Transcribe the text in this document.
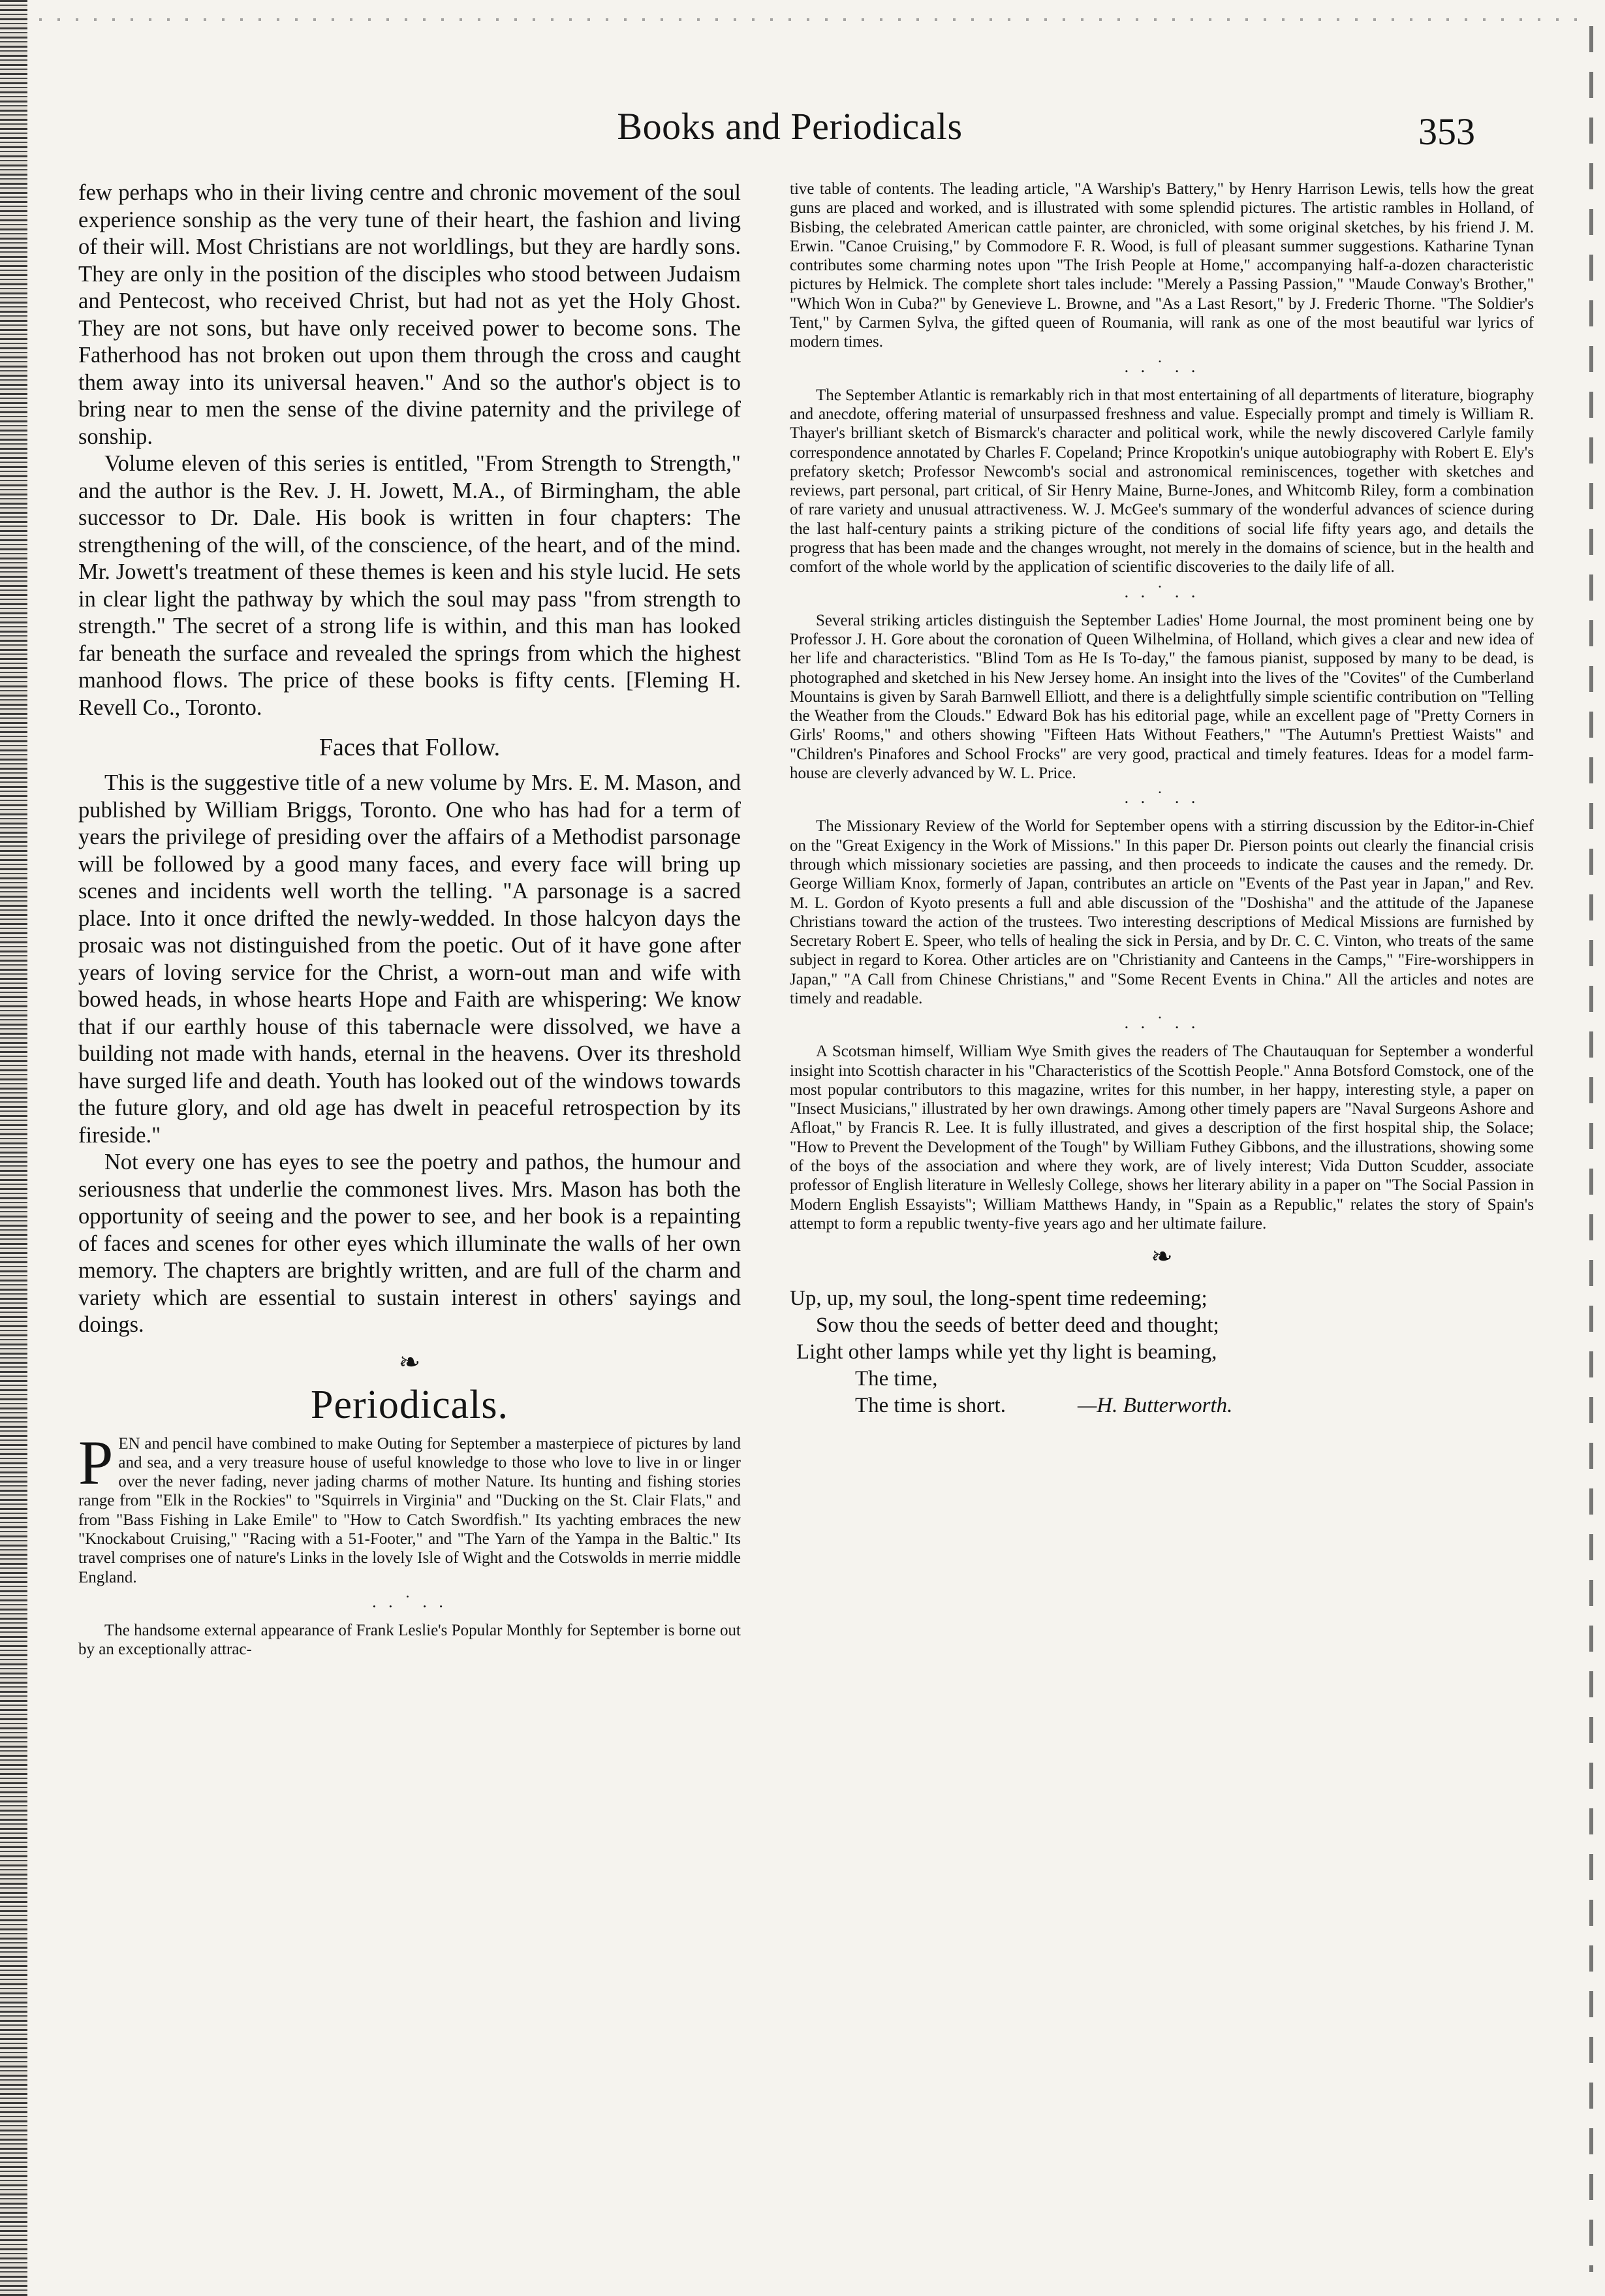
Books and Periodicals	353

few perhaps who in their living centre and chronic movement of the soul experience sonship as the very tune of their heart, the fashion and living of their will. Most Christians are not worldlings, but they are hardly sons. They are only in the position of the disciples who stood between Judaism and Pentecost, who received Christ, but had not as yet the Holy Ghost. They are not sons, but have only received power to become sons. The Fatherhood has not broken out upon them through the cross and caught them away into its universal heaven." And so the author's object is to bring near to men the sense of the divine paternity and the privilege of sonship.

Volume eleven of this series is entitled, "From Strength to Strength," and the author is the Rev. J. H. Jowett, M.A., of Birmingham, the able successor to Dr. Dale. His book is written in four chapters: The strengthening of the will, of the conscience, of the heart, and of the mind. Mr. Jowett's treatment of these themes is keen and his style lucid. He sets in clear light the pathway by which the soul may pass "from strength to strength." The secret of a strong life is within, and this man has looked far beneath the surface and revealed the springs from which the highest manhood flows. The price of these books is fifty cents. [Fleming H. Revell Co., Toronto.

Faces that Follow.

This is the suggestive title of a new volume by Mrs. E. M. Mason, and published by William Briggs, Toronto. One who has had for a term of years the privilege of presiding over the affairs of a Methodist parsonage will be followed by a good many faces, and every face will bring up scenes and incidents well worth the telling. "A parsonage is a sacred place. Into it once drifted the newly-wedded. In those halcyon days the prosaic was not distinguished from the poetic. Out of it have gone after years of loving service for the Christ, a worn-out man and wife with bowed heads, in whose hearts Hope and Faith are whispering: We know that if our earthly house of this tabernacle were dissolved, we have a building not made with hands, eternal in the heavens. Over its threshold have surged life and death. Youth has looked out of the windows towards the future glory, and old age has dwelt in peaceful retrospection by its fireside."

Not every one has eyes to see the poetry and pathos, the humour and seriousness that underlie the commonest lives. Mrs. Mason has both the opportunity of seeing and the power to see, and her book is a repainting of faces and scenes for other eyes which illuminate the walls of her own memory. The chapters are brightly written, and are full of the charm and variety which are essential to sustain interest in others' sayings and doings.

❧
Periodicals.

PEN and pencil have combined to make Outing for September a masterpiece of pictures by land and sea, and a very treasure house of useful knowledge to those who love to live in or linger over the never fading, never jading charms of mother Nature. Its hunting and fishing stories range from "Elk in the Rockies" to "Squirrels in Virginia" and "Ducking on the St. Clair Flats," and from "Bass Fishing in Lake Emile" to "How to Catch Swordfish." Its yachting embraces the new "Knockabout Cruising," "Racing with a 51-Footer," and "The Yarn of the Yampa in the Baltic." Its travel comprises one of nature's Links in the lovely Isle of Wight and the Cotswolds in merrie middle England.

. . ˙ . .

The handsome external appearance of Frank Leslie's Popular Monthly for September is borne out by an exceptionally attrac-

tive table of contents. The leading article, "A Warship's Battery," by Henry Harrison Lewis, tells how the great guns are placed and worked, and is illustrated with some splendid pictures. The artistic rambles in Holland, of Bisbing, the celebrated American cattle painter, are chronicled, with some original sketches, by his friend J. M. Erwin. "Canoe Cruising," by Commodore F. R. Wood, is full of pleasant summer suggestions. Katharine Tynan contributes some charming notes upon "The Irish People at Home," accompanying half-a-dozen characteristic pictures by Helmick. The complete short tales include: "Merely a Passing Passion," "Maude Conway's Brother," "Which Won in Cuba?" by Genevieve L. Browne, and "As a Last Resort," by J. Frederic Thorne. "The Soldier's Tent," by Carmen Sylva, the gifted queen of Roumania, will rank as one of the most beautiful war lyrics of modern times.

. . ˙ . .

The September Atlantic is remarkably rich in that most entertaining of all departments of literature, biography and anecdote, offering material of unsurpassed freshness and value. Especially prompt and timely is William R. Thayer's brilliant sketch of Bismarck's character and political work, while the newly discovered Carlyle family correspondence annotated by Charles F. Copeland; Prince Kropotkin's unique autobiography with Robert E. Ely's prefatory sketch; Professor Newcomb's social and astronomical reminiscences, together with sketches and reviews, part personal, part critical, of Sir Henry Maine, Burne-Jones, and Whitcomb Riley, form a combination of rare variety and unusual attractiveness. W. J. McGee's summary of the wonderful advances of science during the last half-century paints a striking picture of the conditions of social life fifty years ago, and details the progress that has been made and the changes wrought, not merely in the domains of science, but in the health and comfort of the whole world by the application of scientific discoveries to the daily life of all.

. . ˙ . .

Several striking articles distinguish the September Ladies' Home Journal, the most prominent being one by Professor J. H. Gore about the coronation of Queen Wilhelmina, of Holland, which gives a clear and new idea of her life and characteristics. "Blind Tom as He Is To-day," the famous pianist, supposed by many to be dead, is photographed and sketched in his New Jersey home. An insight into the lives of the "Covites" of the Cumberland Mountains is given by Sarah Barnwell Elliott, and there is a delightfully simple scientific contribution on "Telling the Weather from the Clouds." Edward Bok has his editorial page, while an excellent page of "Pretty Corners in Girls' Rooms," and others showing "Fifteen Hats Without Feathers," "The Autumn's Prettiest Waists" and "Children's Pinafores and School Frocks" are very good, practical and timely features. Ideas for a model farm-house are cleverly advanced by W. L. Price.

. . ˙ . .

The Missionary Review of the World for September opens with a stirring discussion by the Editor-in-Chief on the "Great Exigency in the Work of Missions." In this paper Dr. Pierson points out clearly the financial crisis through which missionary societies are passing, and then proceeds to indicate the causes and the remedy. Dr. George William Knox, formerly of Japan, contributes an article on "Events of the Past year in Japan," and Rev. M. L. Gordon of Kyoto presents a full and able discussion of the "Doshisha" and the attitude of the Japanese Christians toward the action of the trustees. Two interesting descriptions of Medical Missions are furnished by Secretary Robert E. Speer, who tells of healing the sick in Persia, and by Dr. C. C. Vinton, who treats of the same subject in regard to Korea. Other articles are on "Christianity and Canteens in the Camps," "Fire-worshippers in Japan," "A Call from Chinese Christians," and "Some Recent Events in China." All the articles and notes are timely and readable.

. . ˙ . .

A Scotsman himself, William Wye Smith gives the readers of The Chautauquan for September a wonderful insight into Scottish character in his "Characteristics of the Scottish People." Anna Botsford Comstock, one of the most popular contributors to this magazine, writes for this number, in her happy, interesting style, a paper on "Insect Musicians," illustrated by her own drawings. Among other timely papers are "Naval Surgeons Ashore and Afloat," by Francis R. Lee. It is fully illustrated, and gives a description of the first hospital ship, the Solace; "How to Prevent the Development of the Tough" by William Futhey Gibbons, and the illustrations, showing some of the boys of the association and where they work, are of lively interest; Vida Dutton Scudder, associate professor of English literature in Wellesly College, shows her literary ability in a paper on "The Social Passion in Modern English Essayists"; William Matthews Handy, in "Spain as a Republic," relates the story of Spain's attempt to form a republic twenty-five years ago and her ultimate failure.

❧
Up, up, my soul, the long-spent time redeeming;
Sow thou the seeds of better deed and thought;
Light other lamps while yet thy light is beaming,
The time,
The time is short.	—H. Butterworth.
